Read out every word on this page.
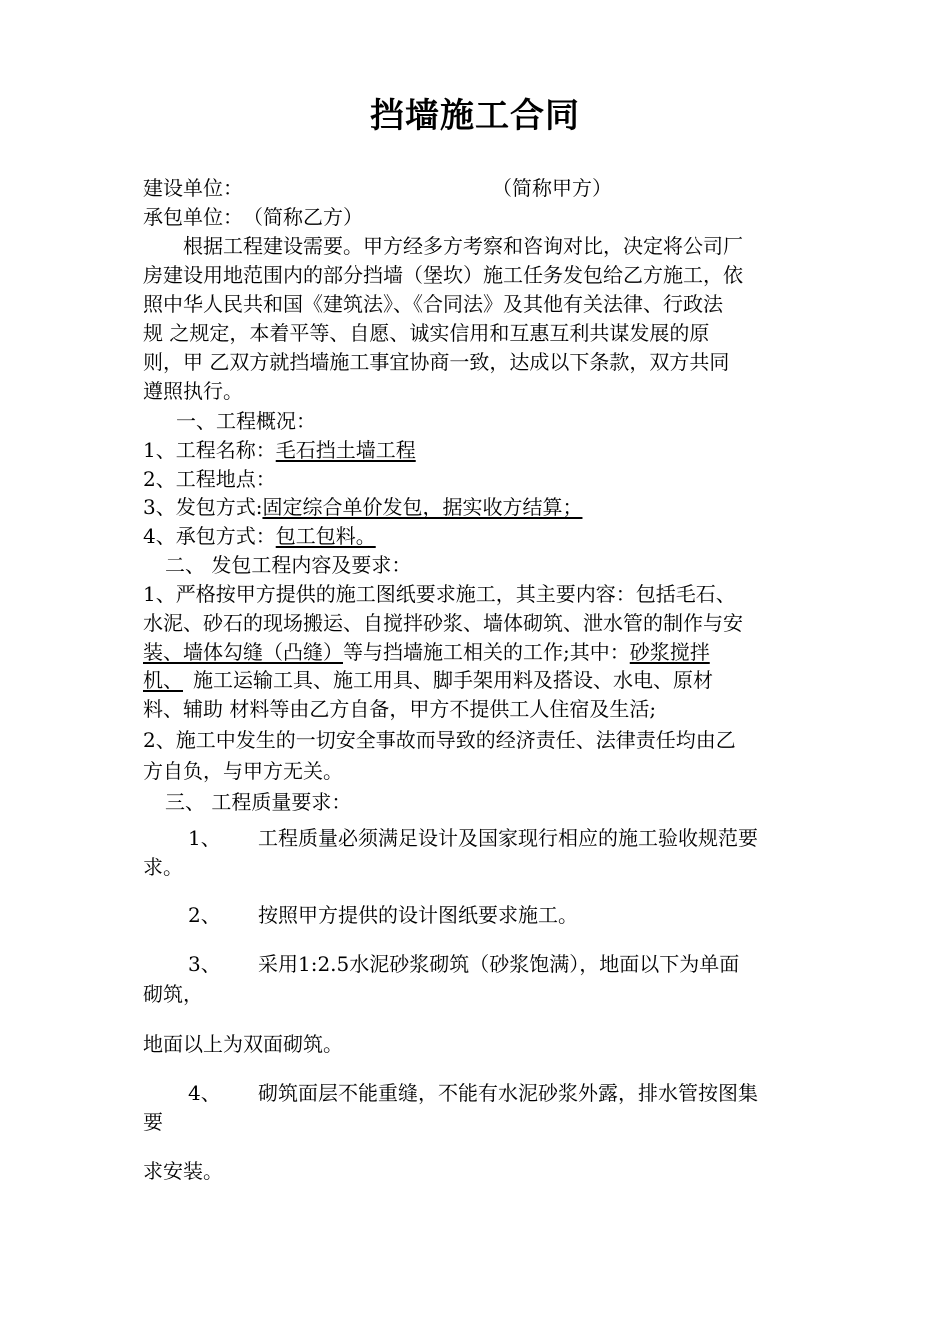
挡墙施工合同
建设单位：	（简称甲方）
承包单位： （简称乙方）
根据工程建设需要。甲方经多方考察和咨询对比，决定将公司厂
房建设用地范围内的部分挡墙（堡坎）施工任务发包给乙方施工，依
照中华人民共和国《建筑法》、《合同法》及其他有关法律、行政法
规 之规定，本着平等、自愿、诚实信用和互惠互利共谋发展的原
则，甲 乙双方就挡墙施工事宜协商一致，达成以下条款，双方共同
遵照执行。
一、工程概况：
1、工程名称：毛石挡土墙工程
2、工程地点：
3、发包方式:固定综合单价发包，据实收方结算；
4、承包方式：包工包料。
二、 发包工程内容及要求：
1、严格按甲方提供的施工图纸要求施工，其主要内容：包括毛石、
水泥、砂石的现场搬运、自搅拌砂浆、墙体砌筑、泄水管的制作与安
装、墙体勾缝（凸缝）等与挡墙施工相关的工作;其中：砂浆搅拌
机、 施工运输工具、施工用具、脚手架用料及搭设、水电、原材
料、辅助 材料等由乙方自备，甲方不提供工人住宿及生活;
2、施工中发生的一切安全事故而导致的经济责任、法律责任均由乙
方自负，与甲方无关。
三、 工程质量要求：
1、 工程质量必须满足设计及国家现行相应的施工验收规范要
求。
2、 按照甲方提供的设计图纸要求施工。
3、 采用1:2.5水泥砂浆砌筑（砂浆饱满），地面以下为单面
砌筑，
地面以上为双面砌筑。
4、 砌筑面层不能重缝，不能有水泥砂浆外露，排水管按图集
要
求安装。
